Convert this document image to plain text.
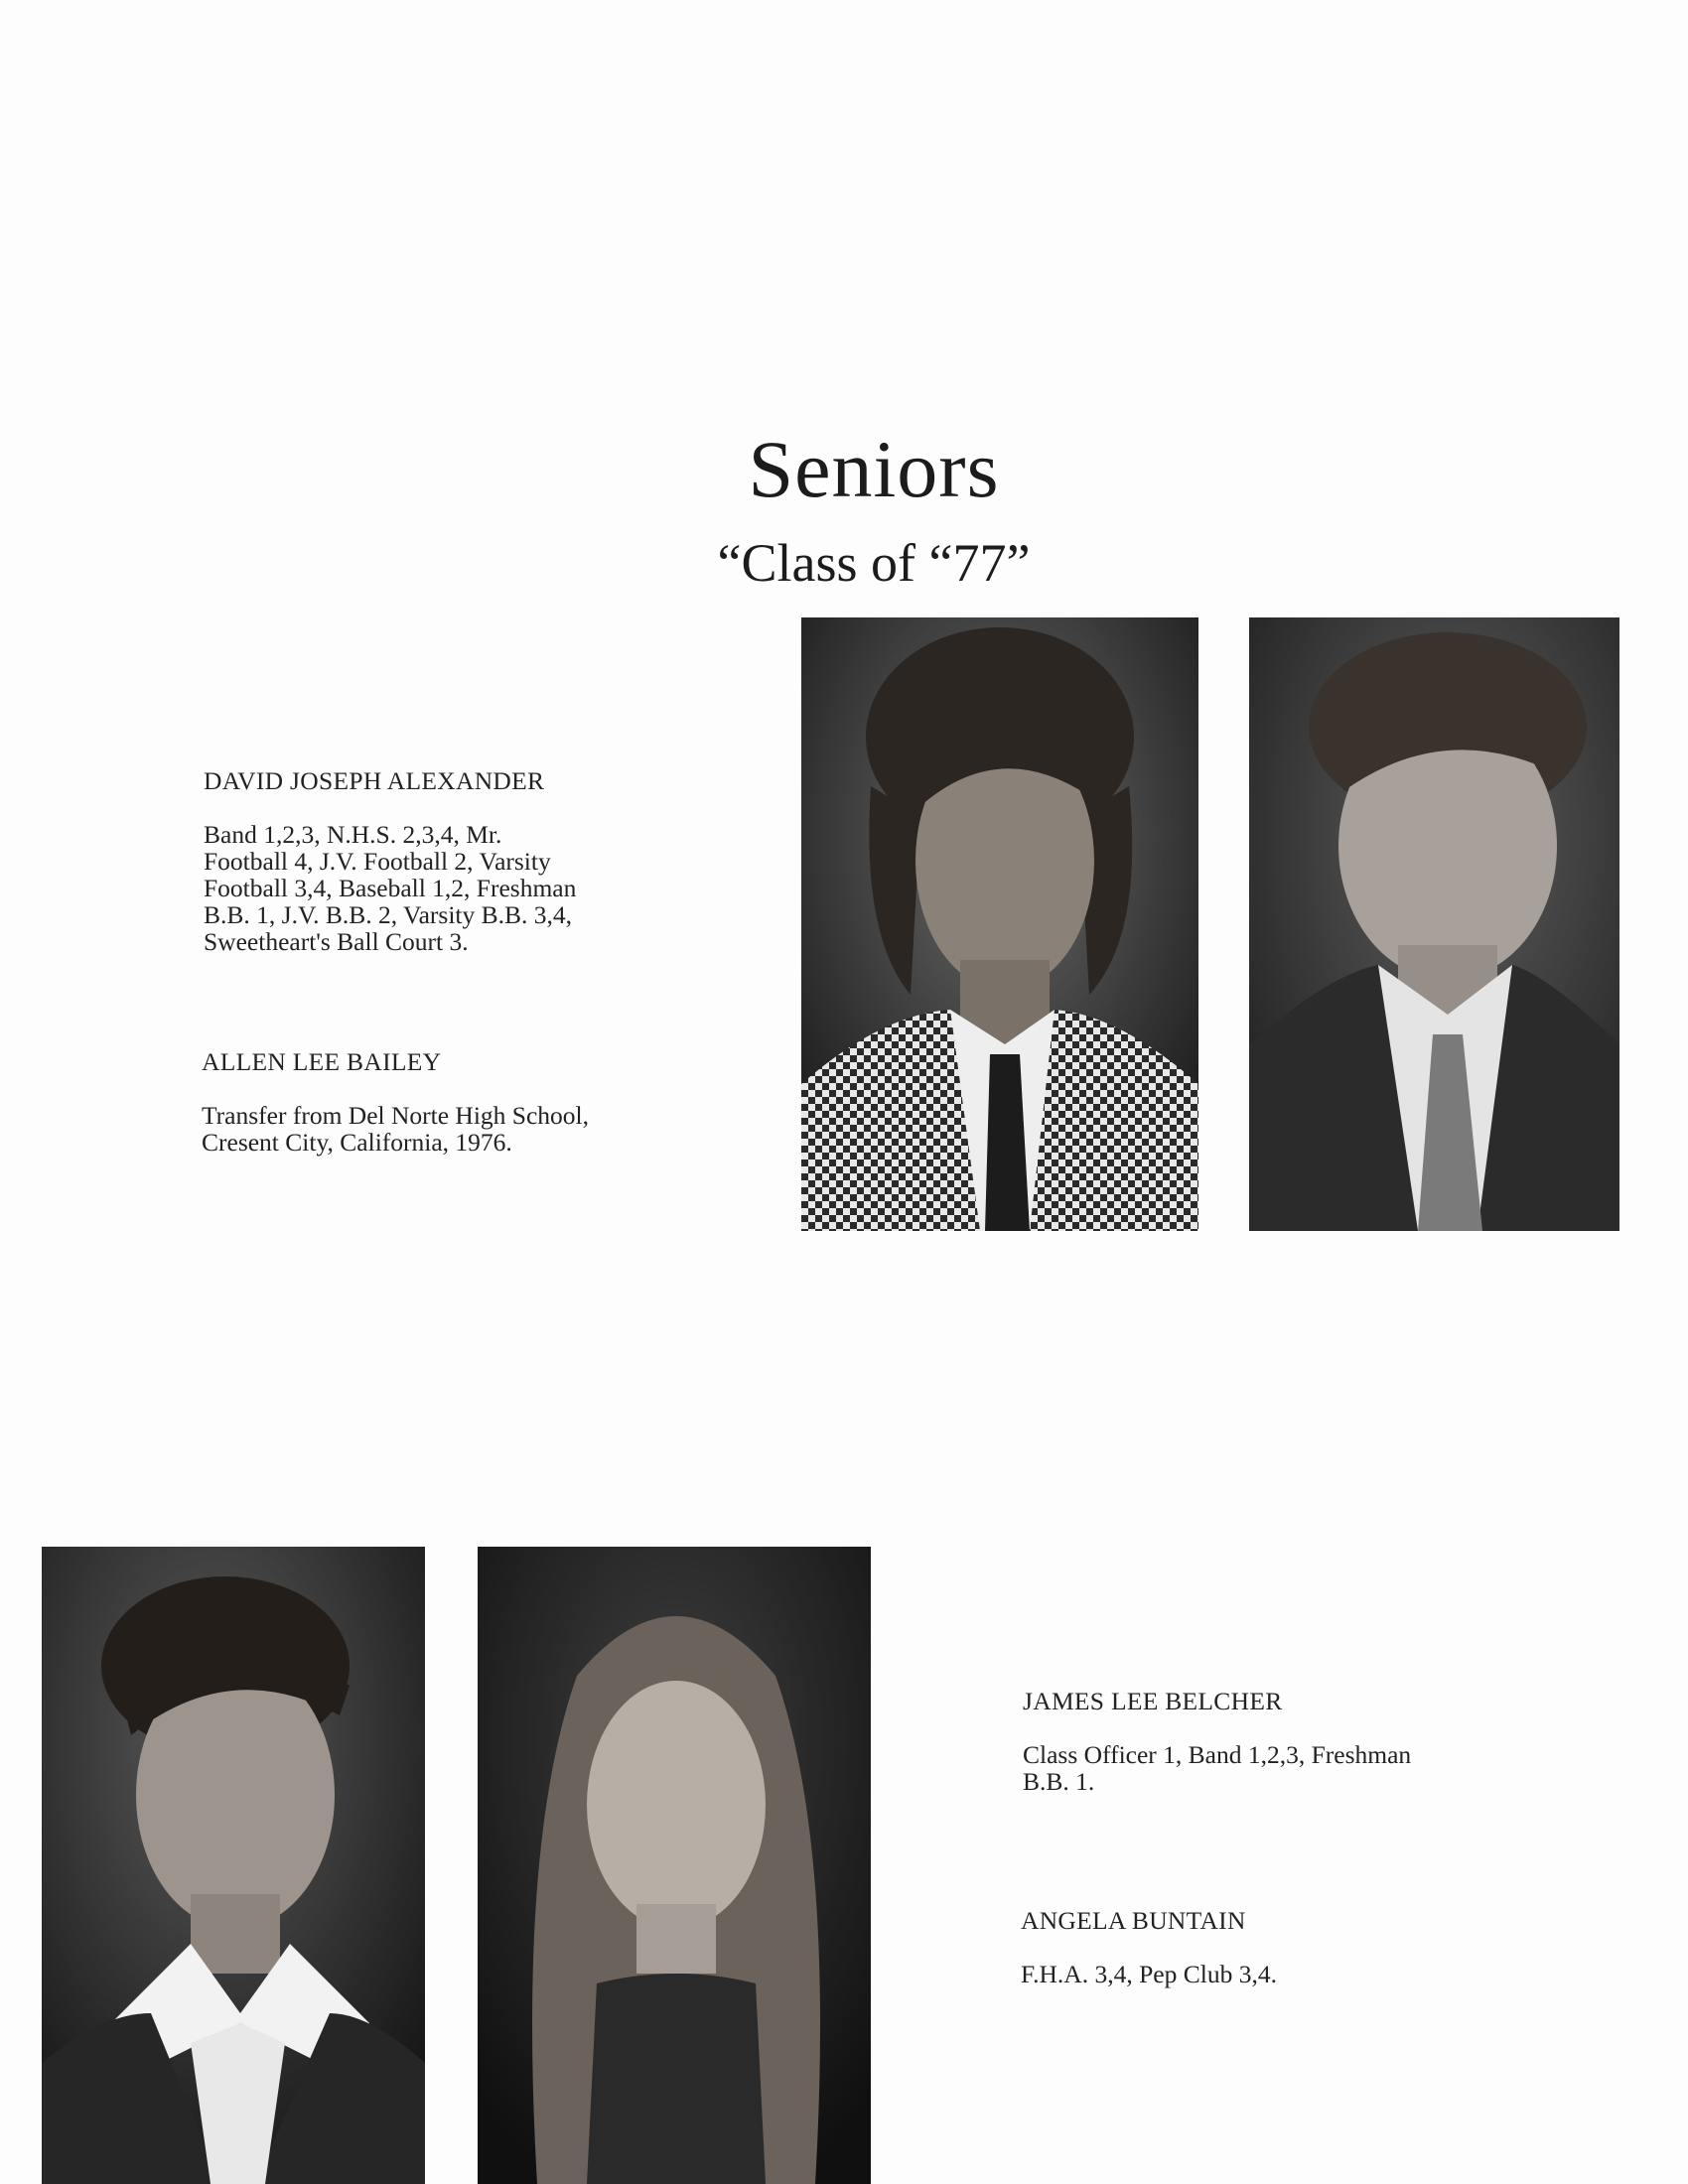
Seniors
“Class of “77”

DAVID JOSEPH ALEXANDER

Band 1,2,3, N.H.S. 2,3,4, Mr.
Football 4, J.V. Football 2, Varsity
Football 3,4, Baseball 1,2, Freshman
B.B. 1, J.V. B.B. 2, Varsity B.B. 3,4,
Sweetheart's Ball Court 3.

ALLEN LEE BAILEY

Transfer from Del Norte High School,
Cresent City, California, 1976.

JAMES LEE BELCHER

Class Officer 1, Band 1,2,3, Freshman
B.B. 1.

ANGELA BUNTAIN

F.H.A. 3,4, Pep Club 3,4.
